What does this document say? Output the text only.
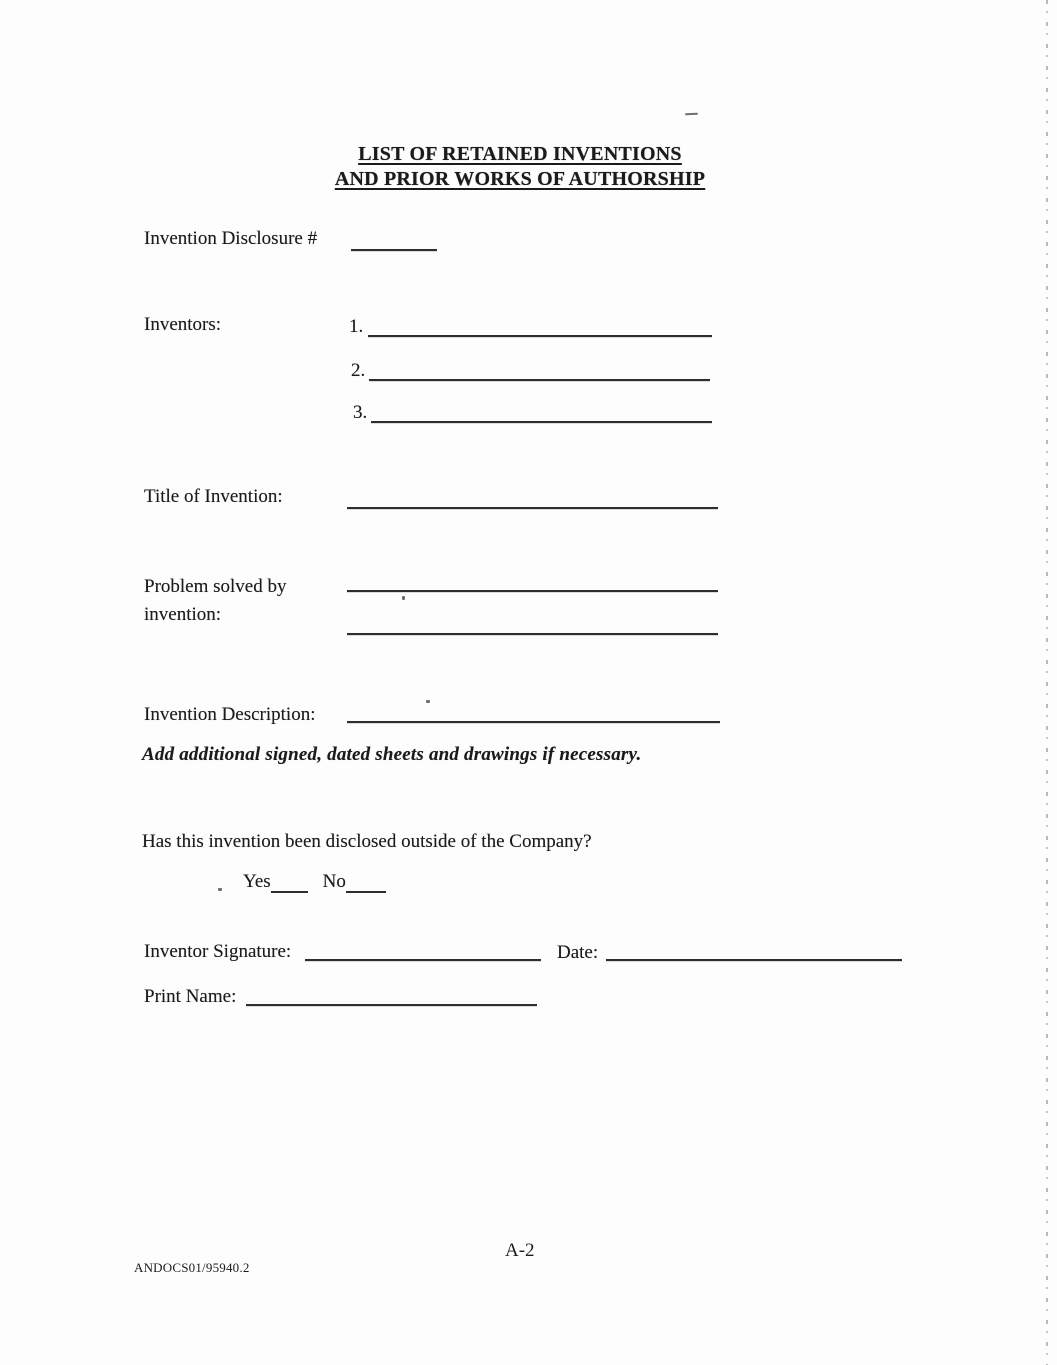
LIST OF RETAINED INVENTIONS
AND PRIOR WORKS OF AUTHORSHIP
Invention Disclosure #
Inventors:	1.
2.
3.
Title of Invention:
Problem solved by
invention:
Invention Description:
Add additional signed, dated sheets and drawings if necessary.
Has this invention been disclosed outside of the Company?
Yes	No
Inventor Signature:	Date:
Print Name:
A-2
ANDOCS01/95940.2
